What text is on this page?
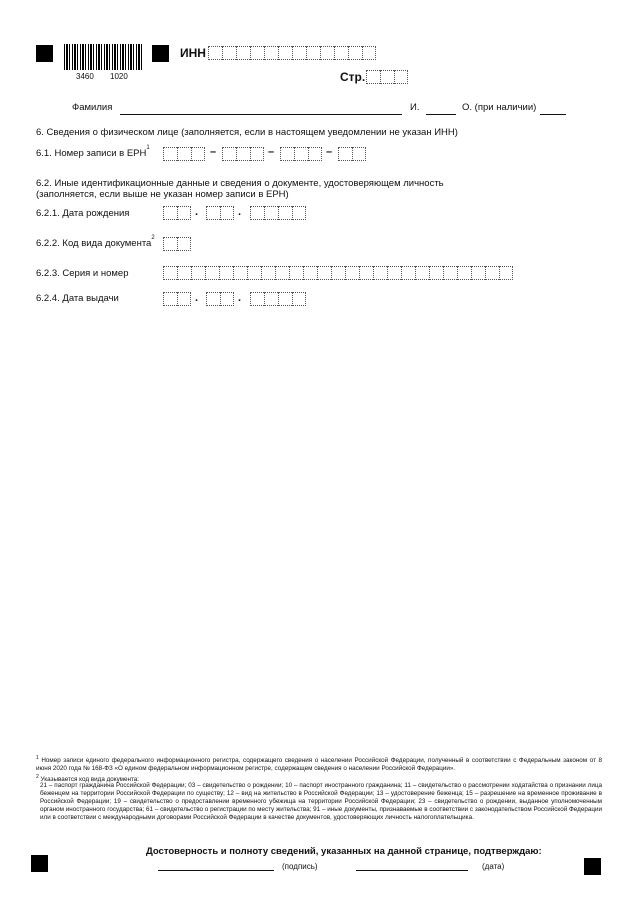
3460 1020
ИНН
Стр.
Фамилия	И.	О. (при наличии)
6. Сведения о физическом лице (заполняется, если в настоящем уведомлении не указан ИНН)
6.1. Номер записи в ЕРН$^1$	–	–	–
6.2. Иные идентификационные данные и сведения о документе, удостоверяющем личность
(заполняется, если выше не указан номер записи в ЕРН)
6.2.1. Дата рождения	.	.
6.2.2. Код вида документа$^2$
6.2.3. Серия и номер
6.2.4. Дата выдачи	.	.
$^1$ Номер записи единого федерального информационного регистра, содержащего сведения о населении Российской Федерации, полученный в соответствии с Федеральным законом от 8 июня 2020 года № 168-ФЗ «О едином федеральном информационном регистре, содержащем сведения о населении Российской Федерации».
$^2$ Указывается код вида документа:
21 – паспорт гражданина Российской Федерации; 03 – свидетельство о рождении; 10 – паспорт иностранного гражданина; 11 – свидетельство о рассмотрении ходатайства о признании лица беженцем на территории Российской Федерации по существу; 12 – вид на жительство в Российской Федерации; 13 – удостоверение беженца; 15 – разрешение на временное проживание в Российской Федерации; 19 – свидетельство о предоставлении временного убежища на территории Российской Федерации; 23 – свидетельство о рождении, выданное уполномоченным органом иностранного государства; 61 – свидетельство о регистрации по месту жительства; 91 – иные документы, признаваемые в соответствии с законодательством Российской Федерации или в соответствии с международными договорами Российской Федерации в качестве документов, удостоверяющих личность налогоплательщика.
Достоверность и полноту сведений, указанных на данной странице, подтверждаю:
(подпись)	(дата)
